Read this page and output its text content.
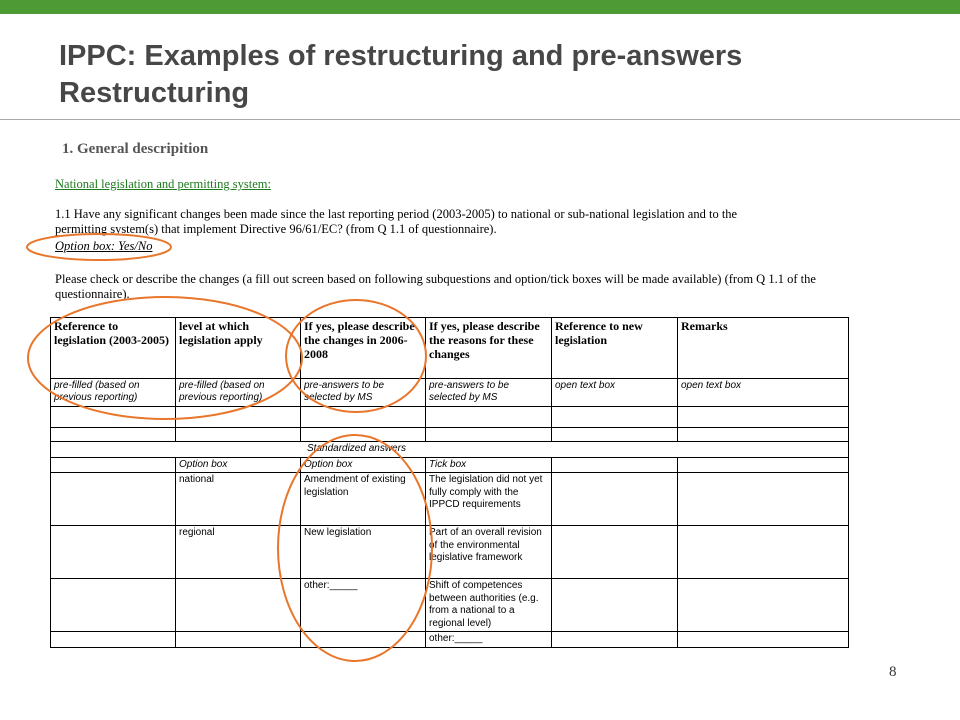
IPPC: Examples of restructuring and pre-answers
Restructuring
1. General descripition
National legislation and permitting system:
1.1 Have any significant changes been made since the last reporting period (2003-2005) to national or sub-national legislation and to the
permitting system(s) that implement Directive 96/61/EC? (from Q 1.1 of questionnaire).
Option box: Yes/No
Please check or describe the changes (a fill out screen based on following subquestions and option/tick boxes will be made available) (from Q 1.1 of the
questionnaire).
Reference to legislation (2003-2005)	level at which legislation apply	If yes, please describe the changes in 2006-2008	If yes, please describe the reasons for these changes	Reference to new legislation	Remarks
pre-filled (based on previous reporting)	pre-filled (based on previous reporting)	pre-answers to be selected by MS	pre-answers to be selected by MS	open text box	open text box

Standardized answers					
	Option box	Option box	Tick box		
	national	Amendment of existing legislation	The legislation did not yet fully comply with the IPPCD requirements		
	regional	New legislation	Part of an overall revision of the environmental legislative framework		
		other:_____	Shift of competences between authorities (e.g. from a national to a regional level)		
			other:_____		
8
